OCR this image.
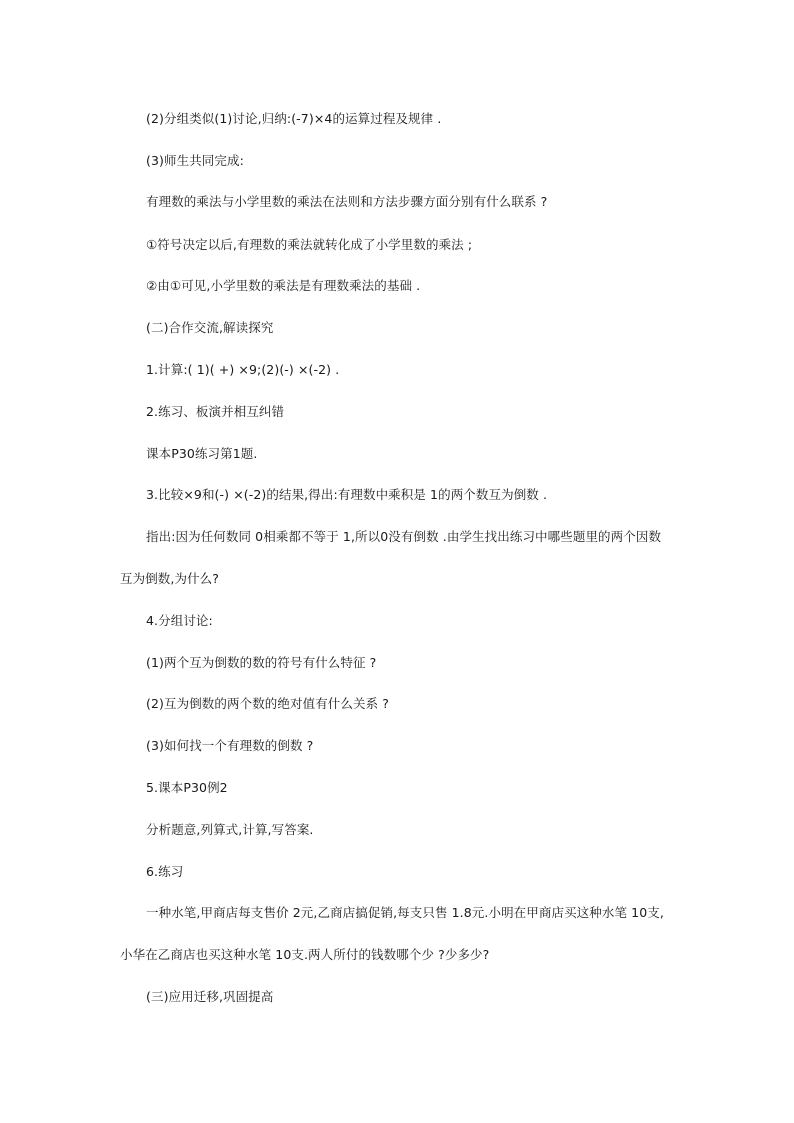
(2)分组类似(1)讨论,归纳:(-7)×4的运算过程及规律 .
(3)师生共同完成:
有理数的乘法与小学里数的乘法在法则和方法步骤方面分别有什么联系 ?
①符号决定以后,有理数的乘法就转化成了小学里数的乘法 ;
②由①可见,小学里数的乘法是有理数乘法的基础 .
(二)合作交流,解读探究
1.计算:( 1)( +) ×9;(2)(-) ×(-2) .
2.练习、板演并相互纠错
课本P30练习第1题.
3.比较×9和(-) ×(-2)的结果,得出:有理数中乘积是 1的两个数互为倒数 .
指出:因为任何数同 0相乘都不等于 1,所以0没有倒数 .由学生找出练习中哪些题里的两个因数
互为倒数,为什么?
4.分组讨论:
(1)两个互为倒数的数的符号有什么特征 ?
(2)互为倒数的两个数的绝对值有什么关系 ?
(3)如何找一个有理数的倒数 ?
5.课本P30例2
分析题意,列算式,计算,写答案.
6.练习
一种水笔,甲商店每支售价 2元,乙商店搞促销,每支只售 1.8元.小明在甲商店买这种水笔 10支,
小华在乙商店也买这种水笔 10支.两人所付的钱数哪个少 ?少多少?
(三)应用迁移,巩固提高
